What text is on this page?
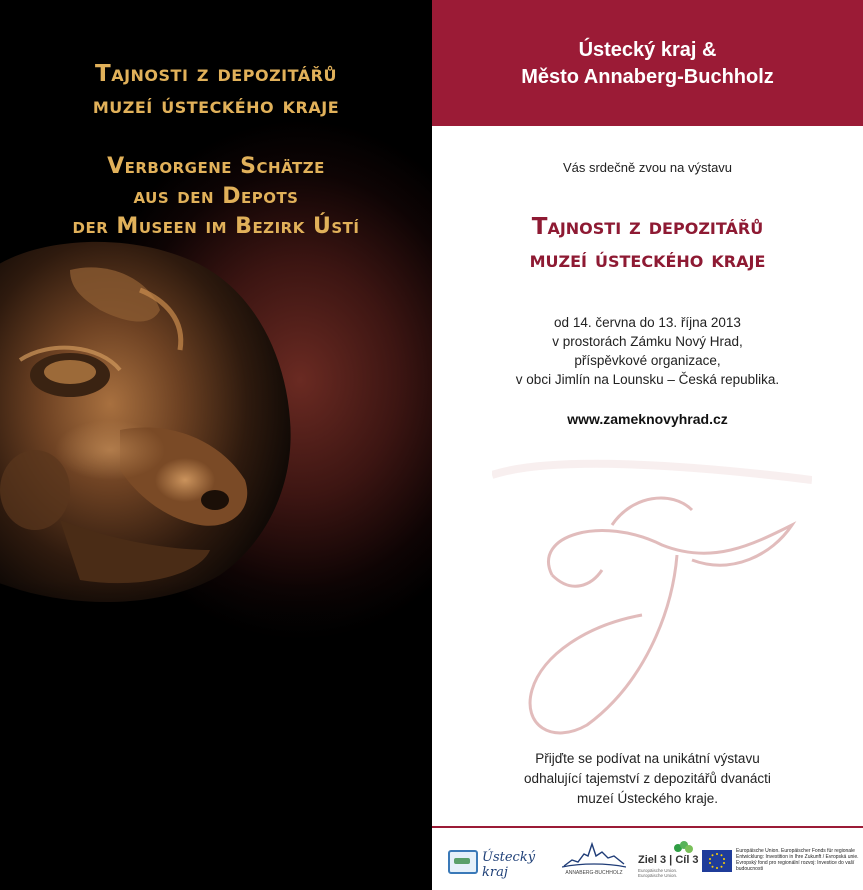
Tajnosti z depozitářů
muzeí ústeckého kraje
Verborgene Schätze
aus den Depots
der Museen im Bezirk Ústí
Ústecký kraj &
Město Annaberg-Buchholz
Vás srdečně zvou na výstavu
Tajnosti z depozitářů
muzeí ústeckého kraje
od 14. června do 13. října 2013
v prostorách Zámku Nový Hrad,
příspěvkové organizace,
v obci Jimlín na Lounsku – Česká republika.
www.zameknovyhrad.cz
Přijďte se podívat na unikátní výstavu
odhalující tajemství z depozitářů dvanácti
muzeí Ústeckého kraje.
Ústecký kraj	ANNABERG-BUCHHOLZ
Ziel 3 | Cíl 3
Europäische Union. Europäische Union.
Europäische Union. Europäischer Fonds für regionale Entwicklung: Investition in Ihre Zukunft / Evropská unie. Evropský fond pro regionální rozvoj: Investice do vaší budoucnosti
